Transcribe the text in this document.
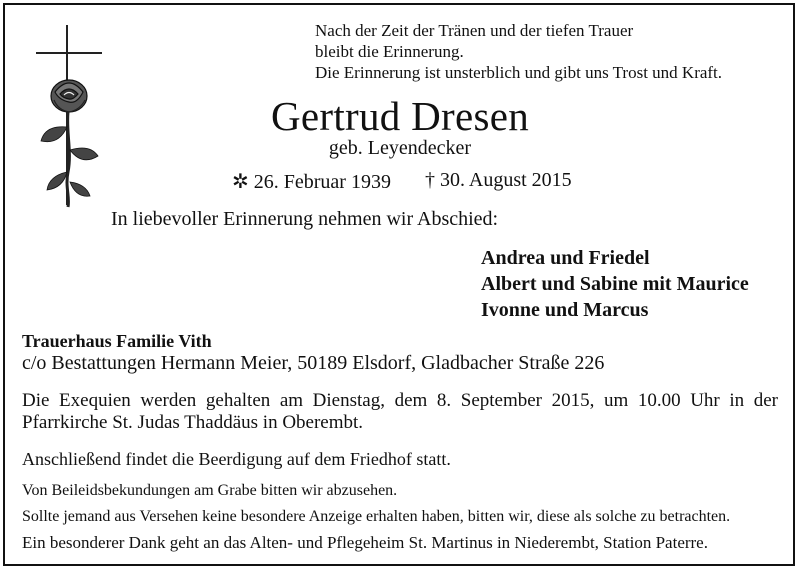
Nach der Zeit der Tränen und der tiefen Trauer
bleibt die Erinnerung.
Die Erinnerung ist unsterblich und gibt uns Trost und Kraft.
Gertrud Dresen
geb. Leyendecker
✲ 26. Februar 1939 † 30. August 2015
In liebevoller Erinnerung nehmen wir Abschied:
Andrea und Friedel
Albert und Sabine mit Maurice
Ivonne und Marcus
Trauerhaus Familie Vith
c/o Bestattungen Hermann Meier, 50189 Elsdorf, Gladbacher Straße 226
Die Exequien werden gehalten am Dienstag, dem 8. September 2015, um 10.00 Uhr in der Pfarrkirche St. Judas Thaddäus in Oberembt.
Anschließend findet die Beerdigung auf dem Friedhof statt.
Von Beileidsbekundungen am Grabe bitten wir abzusehen.
Sollte jemand aus Versehen keine besondere Anzeige erhalten haben, bitten wir, diese als solche zu betrachten.
Ein besonderer Dank geht an das Alten- und Pflegeheim St. Martinus in Niederembt, Station Paterre.
